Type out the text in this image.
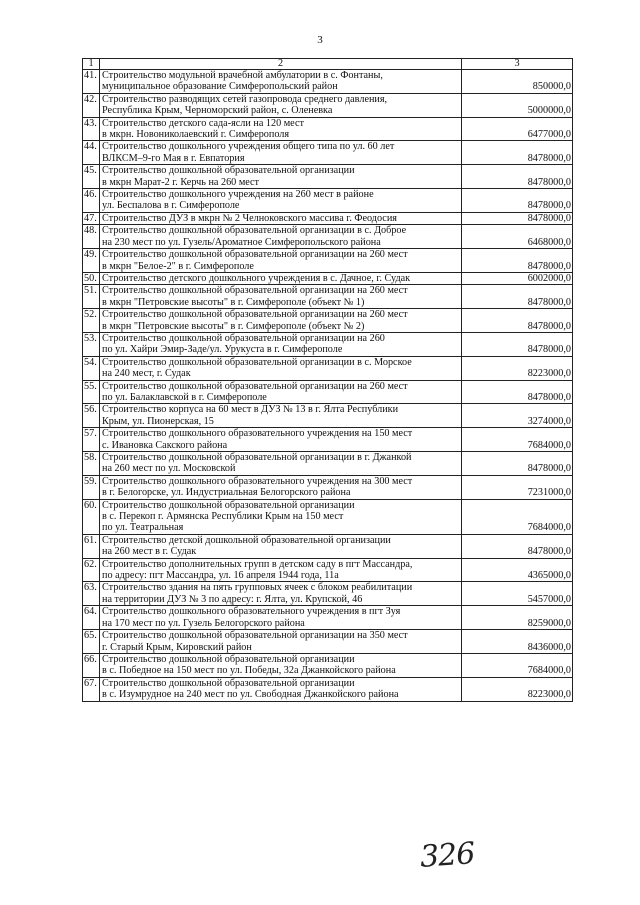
3
1	2	3
41.	Строительство модульной врачебной амбулатории в с. Фонтаны,
муниципальное образование Симферопольский район	850000,0
42.	Строительство разводящих сетей газопровода среднего давления,
Республика Крым, Черноморский район, с. Оленевка	5000000,0
43.	Строительство детского сада-ясли на 120 мест
в мкрн. Новониколаевский г. Симферополя	6477000,0
44.	Строительство дошкольного учреждения общего типа по ул. 60 лет
ВЛКСМ–9-го Мая в г. Евпатория	8478000,0
45.	Строительство дошкольной образовательной организации
в мкрн Марат-2 г. Керчь на 260 мест	8478000,0
46.	Строительство дошкольного учреждения на 260 мест в районе
ул. Беспалова в г. Симферополе	8478000,0
47.	Строительство ДУЗ в мкрн № 2 Челноковского массива г. Феодосия	8478000,0
48.	Строительство дошкольной образовательной организации в с. Доброе
на 230 мест по ул. Гузель/Ароматное Симферопольского района	6468000,0
49.	Строительство дошкольной образовательной организации на 260 мест
в мкрн "Белое-2" в г. Симферополе	8478000,0
50.	Строительство детского дошкольного учреждения в с. Дачное, г. Судак	6002000,0
51.	Строительство дошкольной образовательной организации на 260 мест
в мкрн "Петровские высоты" в г. Симферополе (объект № 1)	8478000,0
52.	Строительство дошкольной образовательной организации на 260 мест
в мкрн "Петровские высоты" в г. Симферополе (объект № 2)	8478000,0
53.	Строительство дошкольной образовательной организации на 260
по ул. Хайри Эмир-Заде/ул. Урукуста в г. Симферополе	8478000,0
54.	Строительство дошкольной образовательной организации в с. Морское
на 240 мест, г. Судак	8223000,0
55.	Строительство дошкольной образовательной организации на 260 мест
по ул. Балаклавской в г. Симферополе	8478000,0
56.	Строительство корпуса на 60 мест в ДУЗ № 13 в г. Ялта Республики
Крым, ул. Пионерская, 15	3274000,0
57.	Строительство дошкольного образовательного учреждения на 150 мест
с. Ивановка Сакского района	7684000,0
58.	Строительство дошкольной образовательной организации в г. Джанкой
на 260 мест по ул. Московской	8478000,0
59.	Строительство дошкольного образовательного учреждения на 300 мест
в г. Белогорске, ул. Индустриальная Белогорского района	7231000,0
60.	Строительство дошкольной образовательной организации
в с. Перекоп г. Армянска Республики Крым на 150 мест
по ул. Театральная	7684000,0
61.	Строительство детской дошкольной образовательной организации
на 260 мест в г. Судак	8478000,0
62.	Строительство дополнительных групп в детском саду в пгт Массандра,
по адресу: пгт Массандра, ул. 16 апреля 1944 года, 11а	4365000,0
63.	Строительство здания на пять групповых ячеек с блоком реабилитации
на территории ДУЗ № 3 по адресу: г. Ялта, ул. Крупской, 46	5457000,0
64.	Строительство дошкольного образовательного учреждения в пгт Зуя
на 170 мест по ул. Гузель Белогорского района	8259000,0
65.	Строительство дошкольной образовательной организации на 350 мест
г. Старый Крым, Кировский район	8436000,0
66.	Строительство дошкольной образовательной организации
в с. Победное на 150 мест по ул. Победы, 32а Джанкойского района	7684000,0
67.	Строительство дошкольной образовательной организации
в с. Изумрудное на 240 мест по ул. Свободная Джанкойского района	8223000,0
326
